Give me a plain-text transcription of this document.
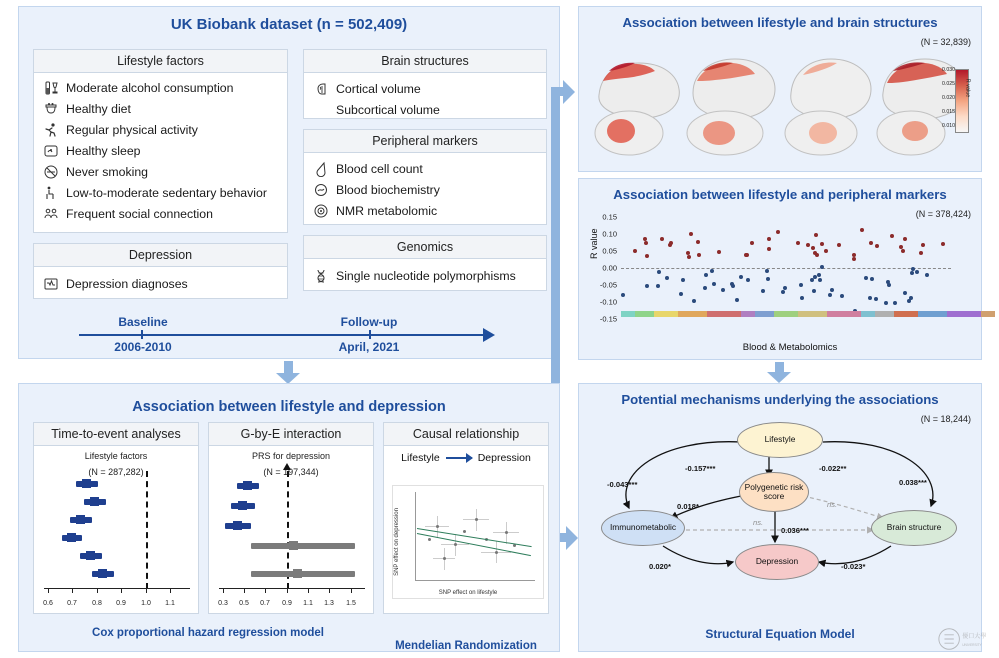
UK Biobank dataset (n = 502,409)
Lifestyle factors
Moderate alcohol consumption
Healthy diet
Regular physical activity
Healthy sleep
Never smoking
Low-to-moderate sedentary behavior
Frequent social connection
Depression
Depression diagnoses
Brain structures
Cortical volume
Subcortical volume
Peripheral markers
Blood cell count
Blood biochemistry
NMR metabolomic
Genomics
Single nucleotide polymorphisms
Baseline
2006-2010
Follow-up
April, 2021
Association between lifestyle and depression
Time-to-event analyses
Lifestyle factors
(N = 287,282)
0.6 0.7 0.8 0.9 1.0 1.1
Cox proportional hazard regression model
G-by-E interaction
PRS for depression
(N = 197,344)
0.3 0.5 0.7 0.9 1.1 1.3 1.5
Causal relationship
Lifestyle	Depression
SNP effect on lifestyle
SNP effect on depression
Mendelian Randomization
Association between lifestyle and brain structures
(N = 32,839)
0.030
0.025
0.020
0.015
0.010
R value
Association between lifestyle and peripheral markers
(N = 378,424)
R value
0.15
0.10
0.05
0.00
-0.05
-0.10
-0.15
Blood & Metabolomics
Potential mechanisms underlying the associations
(N = 18,244)
Lifestyle
Polygenetic risk score
Immunometabolic	Brain structure
Depression
-0.043***
-0.157***	-0.022**
0.038***
0.018*	ns.
ns.
0.036***
0.020*	-0.023*
Structural Equation Model	優口大學
UNIVERSITY
